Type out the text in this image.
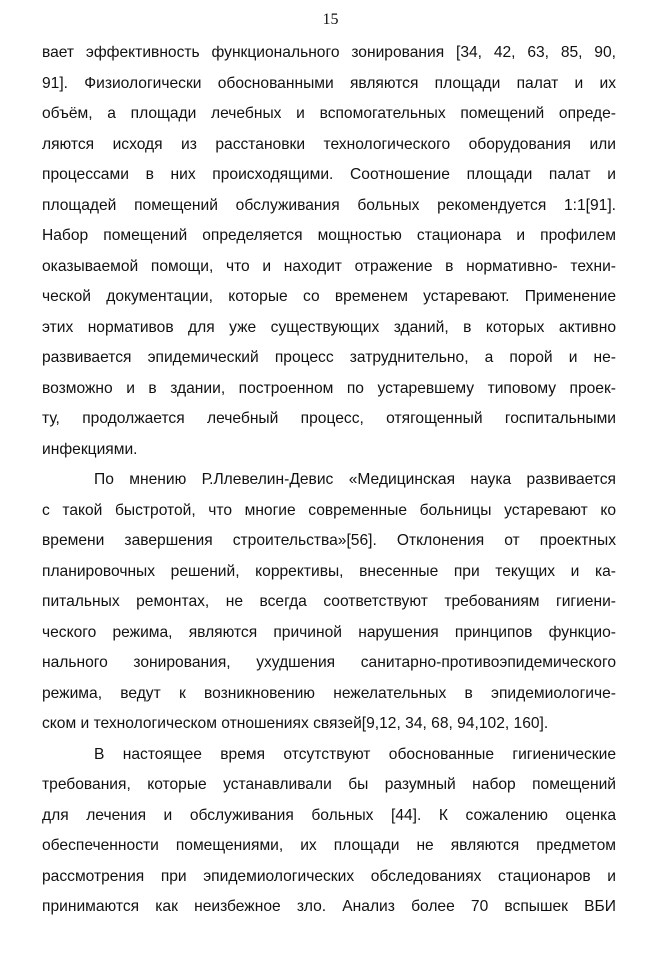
15
вает эффективность функционального зонирования [34, 42, 63, 85, 90,
91]. Физиологически обоснованными являются площади палат и их
объём, а площади лечебных и вспомогательных помещений опреде-
ляются исходя из расстановки технологического оборудования или
процессами в них происходящими. Соотношение площади палат и
площадей помещений обслуживания больных рекомендуется 1:1[91].
Набор помещений определяется мощностью стационара и профилем
оказываемой помощи, что и находит отражение в нормативно- техни-
ческой документации, которые со временем устаревают. Применение
этих нормативов для уже существующих зданий, в которых активно
развивается эпидемический процесс затруднительно, а порой и не-
возможно и в здании, построенном по устаревшему типовому проек-
ту, продолжается лечебный процесс, отягощенный госпитальными
инфекциями.
По мнению Р.Ллевелин-Девис «Медицинская наука развивается
с такой быстротой, что многие современные больницы устаревают ко
времени завершения строительства»[56]. Отклонения от проектных
планировочных решений, коррективы, внесенные при текущих и ка-
питальных ремонтах, не всегда соответствуют требованиям гигиени-
ческого режима, являются причиной нарушения принципов функцио-
нального зонирования, ухудшения санитарно-противоэпидемического
режима, ведут к возникновению нежелательных в эпидемиологиче-
ском и технологическом отношениях связей[9,12, 34, 68, 94,102, 160].
В настоящее время отсутствуют обоснованные гигиенические
требования, которые устанавливали бы разумный набор помещений
для лечения и обслуживания больных [44]. К сожалению оценка
обеспеченности помещениями, их площади не являются предметом
рассмотрения при эпидемиологических обследованиях стационаров и
принимаются как неизбежное зло. Анализ более 70 вспышек ВБИ
